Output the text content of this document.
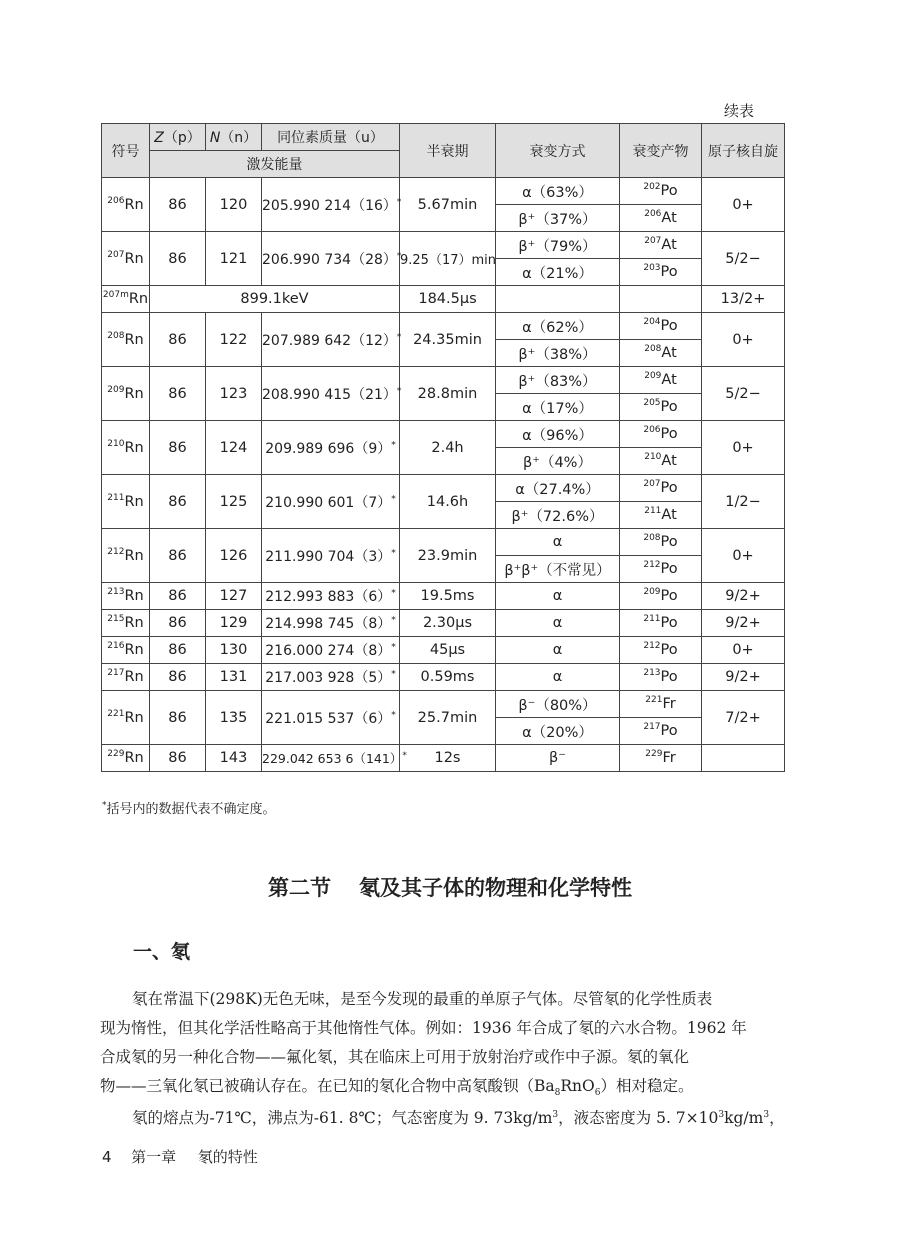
续表
符号	Z（p）	N（n）	同位素质量（u）	半衰期	衰变方式	衰变产物	原子核自旋
	激发能量						
$^{206}$Rn	86	120	205.990 214（16）*	5.67min	α（63%）	$^{202}$Po	0+
					β⁺（37%）	$^{206}$At	
$^{207}$Rn	86	121	206.990 734（28）*	9.25（17）min	β⁺（79%）	$^{207}$At	5/2−
					α（21%）	$^{203}$Po	
$^{207m}$Rn	899.1keV			184.5μs			13/2+
$^{208}$Rn	86	122	207.989 642（12）*	24.35min	α（62%）	$^{204}$Po	0+
					β⁺（38%）	$^{208}$At	
$^{209}$Rn	86	123	208.990 415（21）*	28.8min	β⁺（83%）	$^{209}$At	5/2−
					α（17%）	$^{205}$Po	
$^{210}$Rn	86	124	209.989 696（9）*	2.4h	α（96%）	$^{206}$Po	0+
					β⁺（4%）	$^{210}$At	
$^{211}$Rn	86	125	210.990 601（7）*	14.6h	α（27.4%）	$^{207}$Po	1/2−
					β⁺（72.6%）	$^{211}$At	
$^{212}$Rn	86	126	211.990 704（3）*	23.9min	α	$^{208}$Po	0+
					β⁺β⁺（不常见）	$^{212}$Po	
$^{213}$Rn	86	127	212.993 883（6）*	19.5ms	α	$^{209}$Po	9/2+
$^{215}$Rn	86	129	214.998 745（8）*	2.30μs	α	$^{211}$Po	9/2+
$^{216}$Rn	86	130	216.000 274（8）*	45μs	α	$^{212}$Po	0+
$^{217}$Rn	86	131	217.003 928（5）*	0.59ms	α	$^{213}$Po	9/2+
$^{221}$Rn	86	135	221.015 537（6）*	25.7min	β⁻（80%）	$^{221}$Fr	7/2+
					α（20%）	$^{217}$Po	
$^{229}$Rn	86	143	229.042 653 6（141）*	12s	β⁻	$^{229}$Fr	
*括号内的数据代表不确定度。
第二节 氡及其子体的物理和化学特性
一、氡
氡在常温下(298K)无色无味，是至今发现的最重的单原子气体。尽管氡的化学性质表
现为惰性，但其化学活性略高于其他惰性气体。例如：1936 年合成了氡的六水合物。1962 年
合成氡的另一种化合物——氟化氡，其在临床上可用于放射治疗或作中子源。氡的氧化
物——三氧化氡已被确认存在。在已知的氡化合物中高氡酸钡$(Ba_8RnO_6)$相对稳定。
氡的熔点为-71℃，沸点为-61. 8℃；气态密度为 9. $73kg/m^3$，液态密度为 5. $7\times 10^3kg/m^3$，
4 第一章 氡的特性
